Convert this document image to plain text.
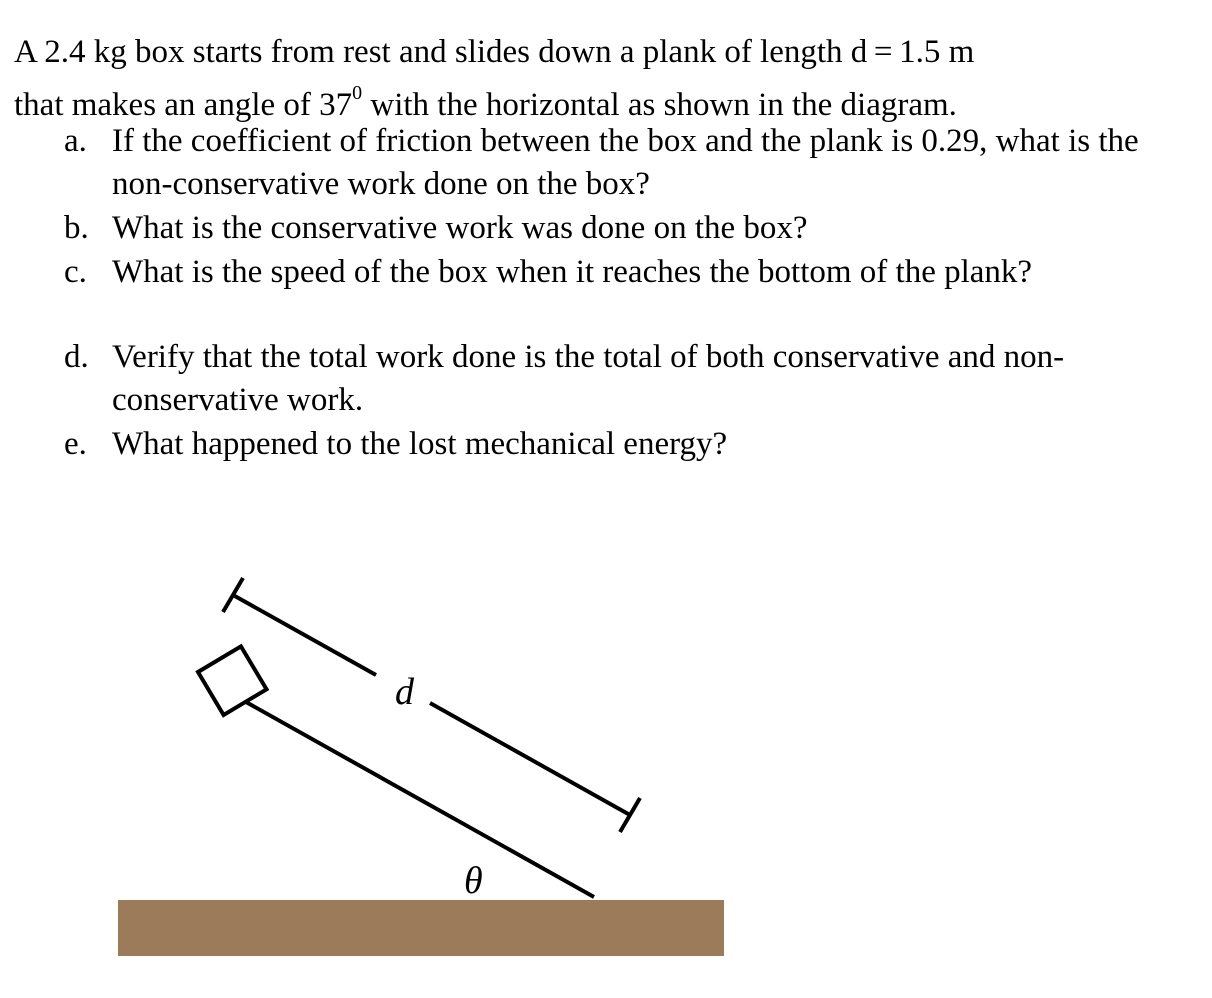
A 2.4 kg box starts from rest and slides down a plank of length d = 1.5 m
that makes an angle of $37^0$ with the horizontal as shown in the diagram.
a. If the coefficient of friction between the box and the plank is 0.29, what is the non-conservative work done on the box?
b. What is the conservative work was done on the box?
c. What is the speed of the box when it reaches the bottom of the plank?
d. Verify that the total work done is the total of both conservative and non-conservative work.
e. What happened to the lost mechanical energy?
d
θ
